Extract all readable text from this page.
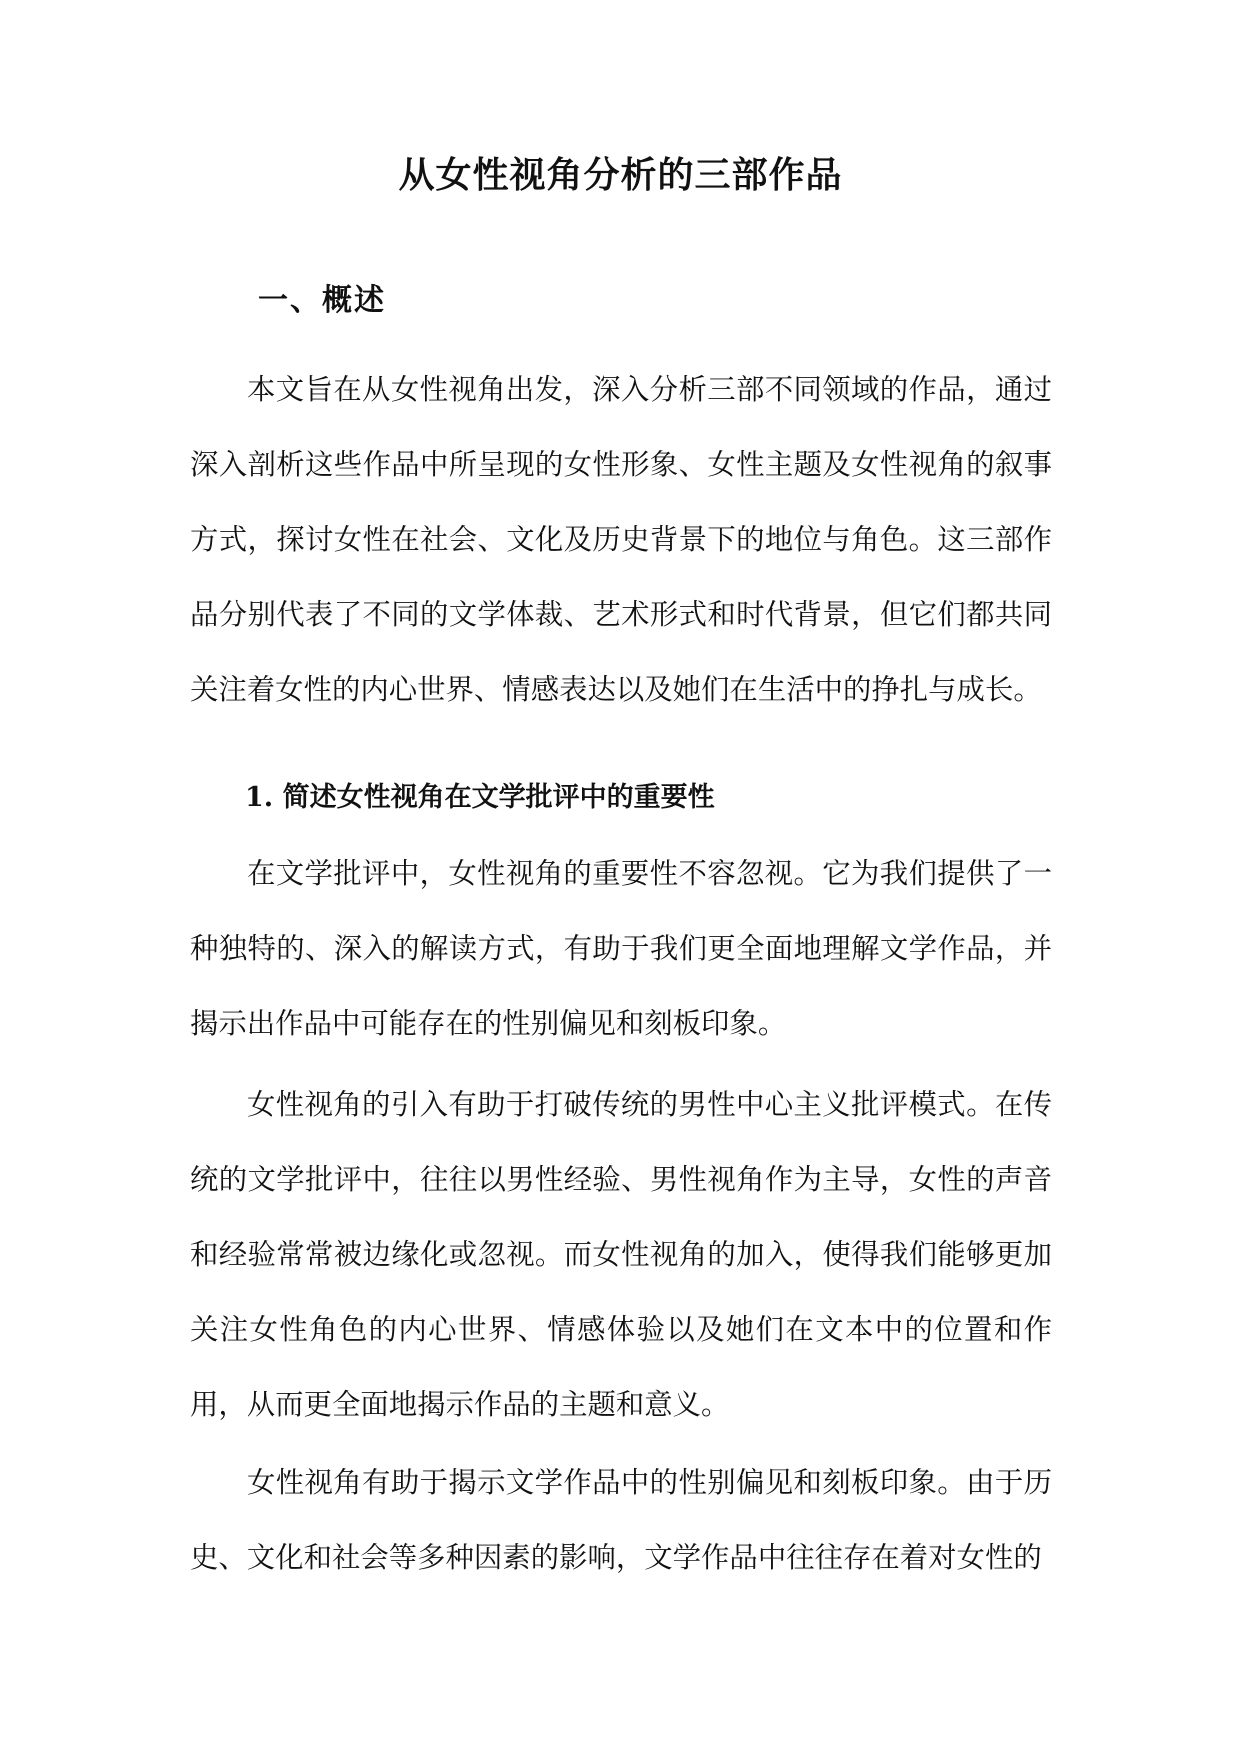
从女性视角分析的三部作品
一、概述

本文旨在从女性视角出发，深入分析三部不同领域的作品，通过深入剖析这些作品中所呈现的女性形象、女性主题及女性视角的叙事方式，探讨女性在社会、文化及历史背景下的地位与角色。这三部作品分别代表了不同的文学体裁、艺术形式和时代背景，但它们都共同关注着女性的内心世界、情感表达以及她们在生活中的挣扎与成长。

1. 简述女性视角在文学批评中的重要性

在文学批评中，女性视角的重要性不容忽视。它为我们提供了一种独特的、深入的解读方式，有助于我们更全面地理解文学作品，并揭示出作品中可能存在的性别偏见和刻板印象。

女性视角的引入有助于打破传统的男性中心主义批评模式。在传统的文学批评中，往往以男性经验、男性视角作为主导，女性的声音和经验常常被边缘化或忽视。而女性视角的加入，使得我们能够更加关注女性角色的内心世界、情感体验以及她们在文本中的位置和作用，从而更全面地揭示作品的主题和意义。

女性视角有助于揭示文学作品中的性别偏见和刻板印象。由于历史、文化和社会等多种因素的影响，文学作品中往往存在着对女性的
